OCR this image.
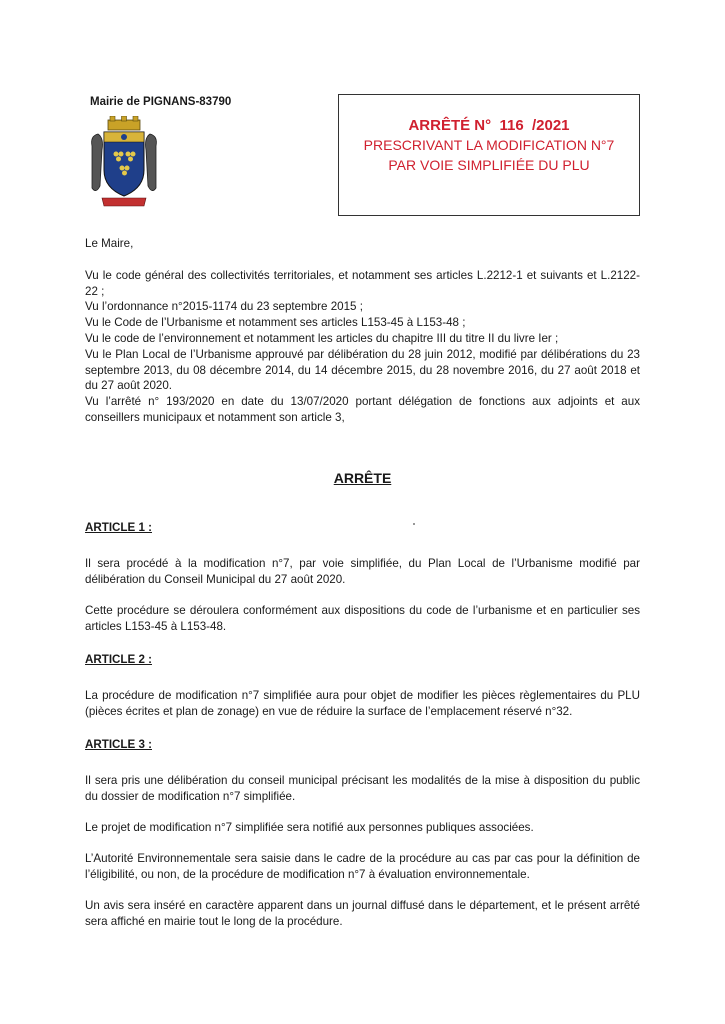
Mairie de PIGNANS-83790
ARRÊTÉ N°  116  /2021
PRESCRIVANT LA MODIFICATION N°7
PAR VOIE SIMPLIFIÉE DU PLU

Le Maire,

Vu le code général des collectivités territoriales, et notamment ses articles L.2212-1 et suivants et L.2122-22 ;

Vu l’ordonnance n°2015-1174 du 23 septembre 2015 ;

Vu le Code de l’Urbanisme et notamment ses articles L153-45 à L153-48 ;

Vu le code de l’environnement et notamment les articles du chapitre III du titre II du livre Ier ;

Vu le Plan Local de l’Urbanisme approuvé par délibération du 28 juin 2012, modifié par délibérations du 23 septembre 2013, du 08 décembre 2014, du 14 décembre 2015, du 28 novembre 2016, du 27 août 2018 et du 27 août 2020.

Vu l’arrêté n° 193/2020 en date du 13/07/2020 portant délégation de fonctions aux adjoints et aux conseillers municipaux et notamment son article 3,

ARRÊTE

ARTICLE 1 :

Il sera procédé à la modification n°7, par voie simplifiée, du Plan Local de l’Urbanisme modifié par délibération du Conseil Municipal du 27 août 2020.

Cette procédure se déroulera conformément aux dispositions du code de l’urbanisme et en particulier ses articles L153-45 à L153-48.

ARTICLE 2 :

La procédure de modification n°7 simplifiée aura pour objet de modifier les pièces règlementaires du PLU (pièces écrites et plan de zonage) en vue de réduire la surface de l’emplacement réservé n°32.

ARTICLE 3 :

Il sera pris une délibération du conseil municipal précisant les modalités de la mise à disposition du public du dossier de modification n°7 simplifiée.

Le projet de modification n°7 simplifiée sera notifié aux personnes publiques associées.

L’Autorité Environnementale sera saisie dans le cadre de la procédure au cas par cas pour la définition de l’éligibilité, ou non, de la procédure de modification n°7 à évaluation environnementale.

Un avis sera inséré en caractère apparent dans un journal diffusé dans le département, et le présent arrêté sera affiché en mairie tout le long de la procédure.
